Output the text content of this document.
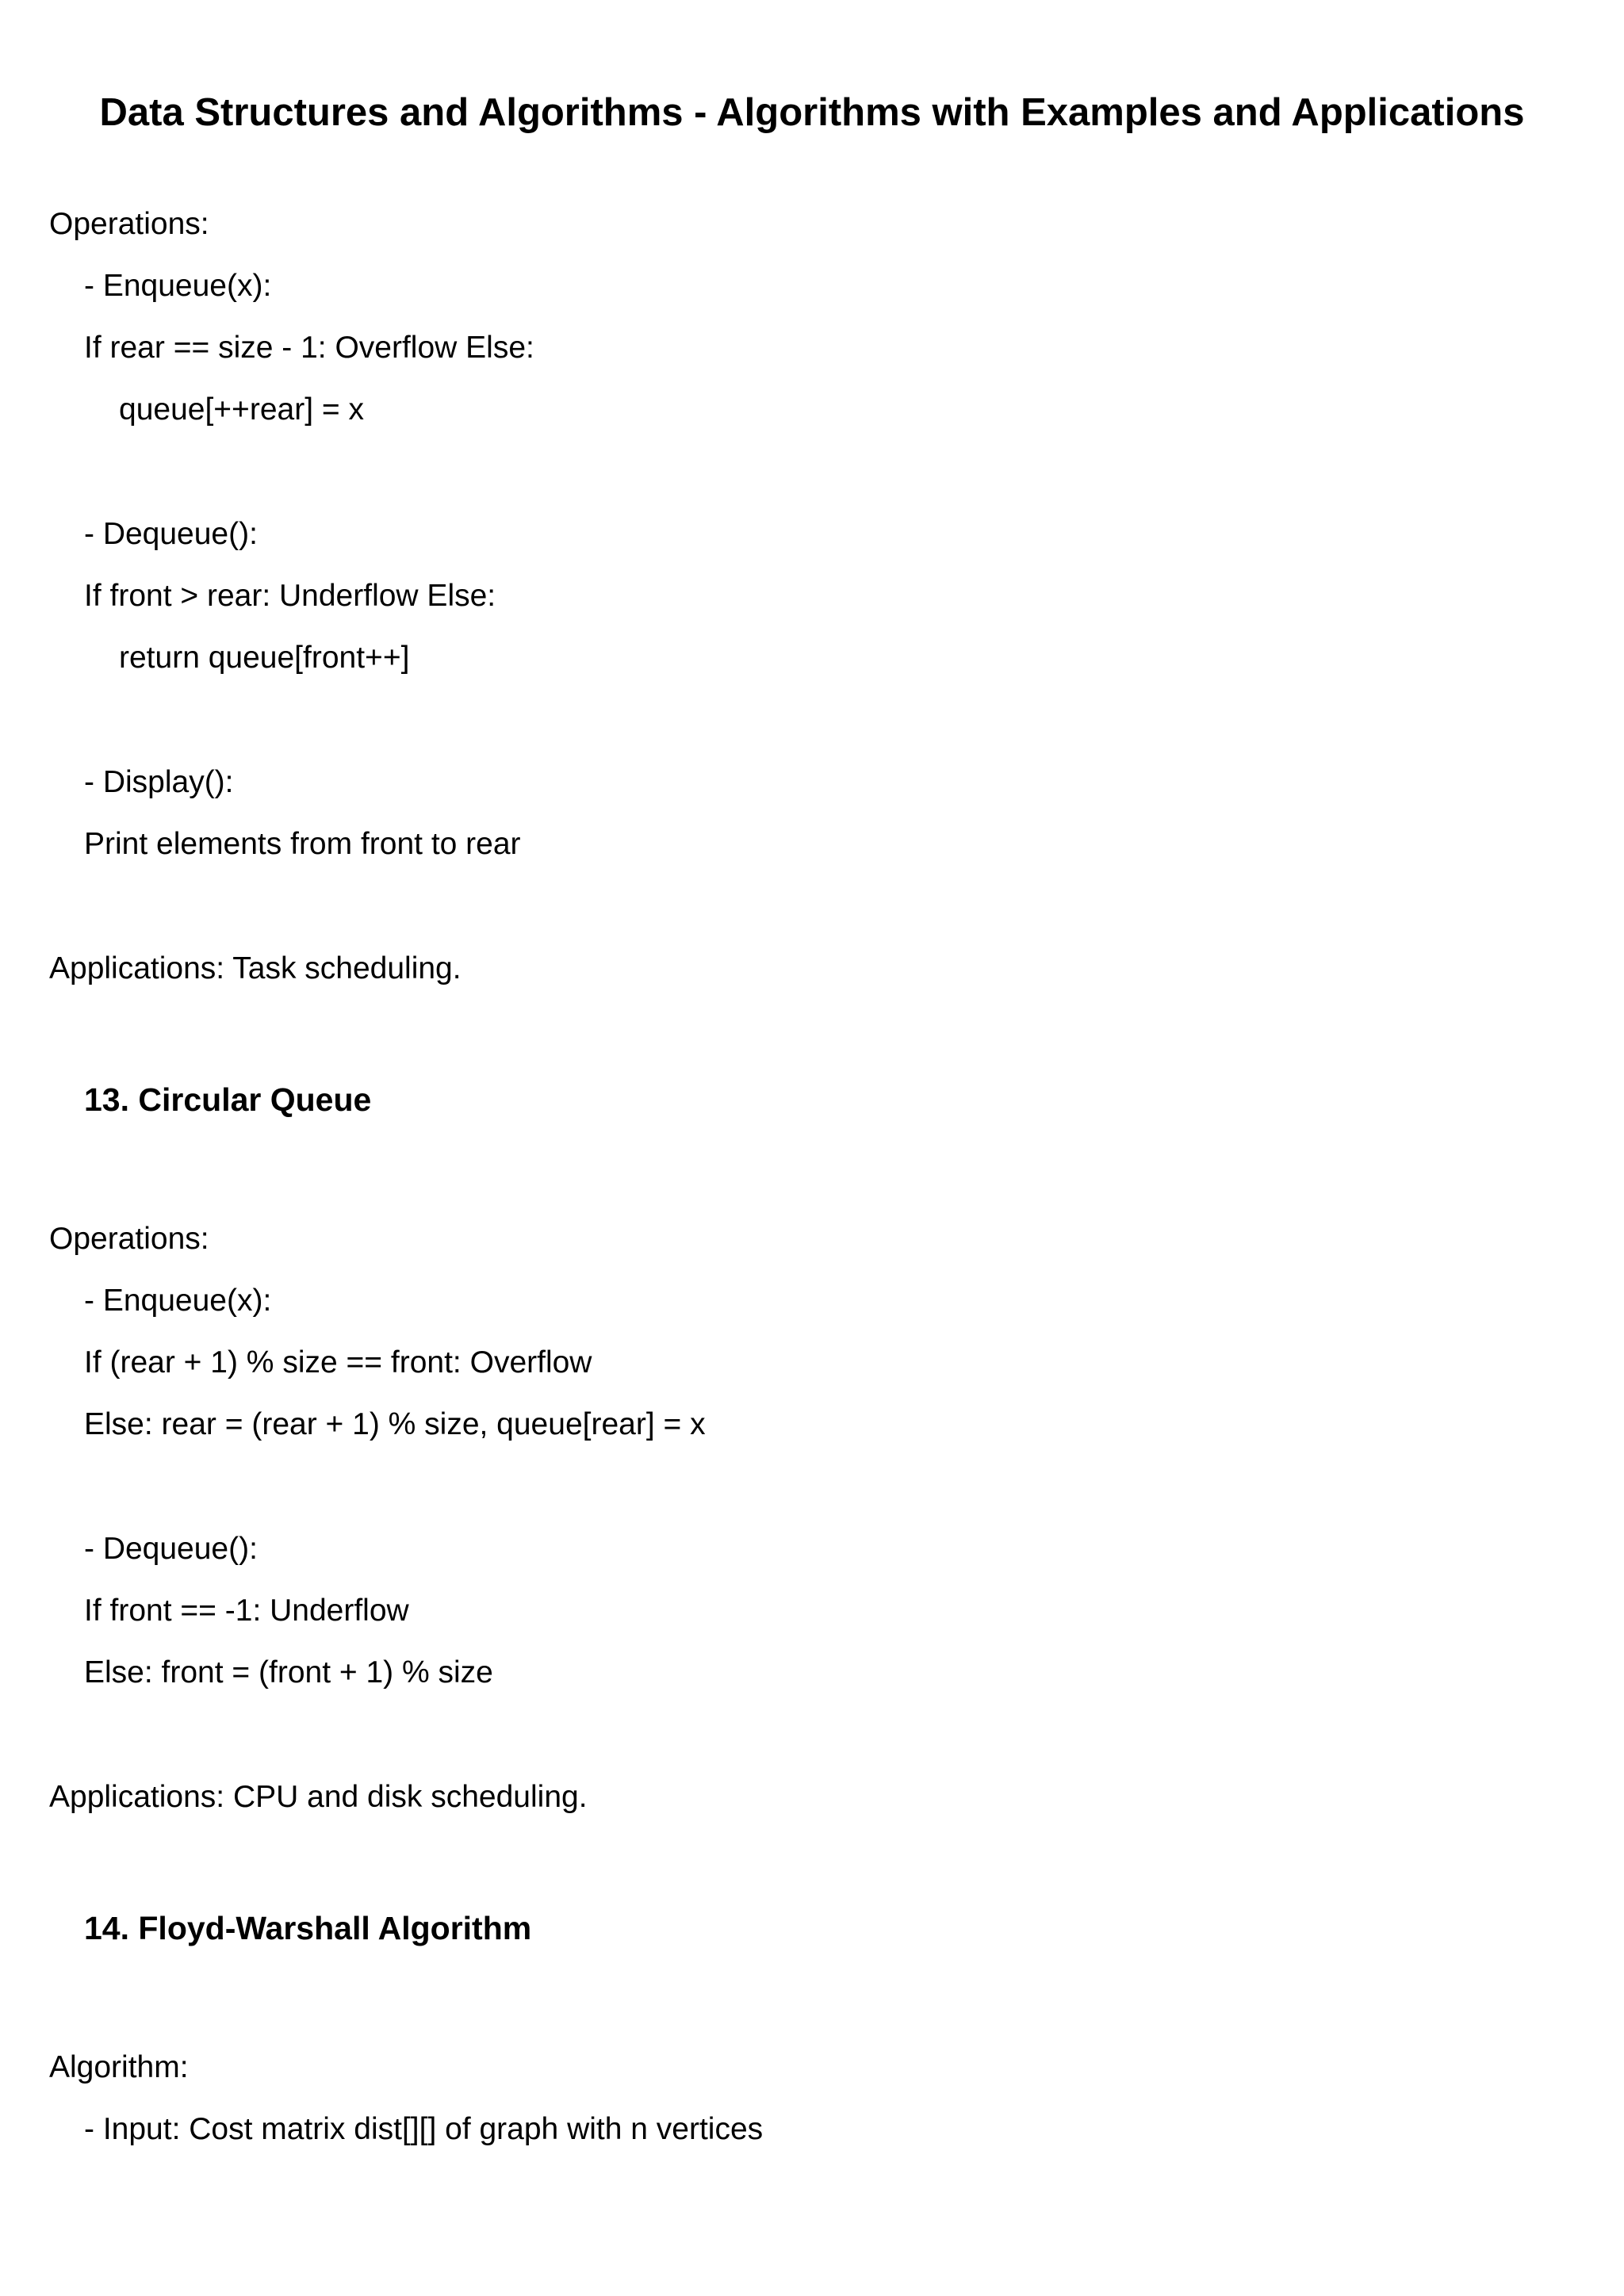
Data Structures and Algorithms - Algorithms with Examples and Applications
Operations:
- Enqueue(x):
If rear == size - 1: Overflow Else:
queue[++rear] = x
- Dequeue():
If front > rear: Underflow Else:
return queue[front++]
- Display():
Print elements from front to rear
Applications: Task scheduling.
13. Circular Queue
Operations:
- Enqueue(x):
If (rear + 1) % size == front: Overflow
Else: rear = (rear + 1) % size, queue[rear] = x
- Dequeue():
If front == -1: Underflow
Else: front = (front + 1) % size
Applications: CPU and disk scheduling.
14. Floyd-Warshall Algorithm
Algorithm:
- Input: Cost matrix dist[][] of graph with n vertices
